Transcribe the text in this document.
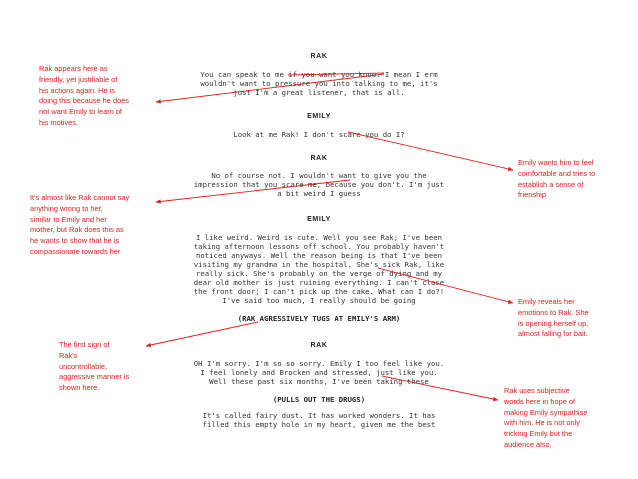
RAK
You can speak to me if you want you know. I mean I erm
wouldn't want to pressure you into talking to me, it's
just I'm a great listener, that is all.
EMILY
Look at me Rak! I don't scare you do I?
RAK
No of course not. I wouldn't want to give you the
impression that you scare me, because you don't. I'm just
a bit weird I guess
EMILY
I like weird. Weird is cute. Well you see Rak; I've been
taking afternoon lessons off school. You probably haven't
noticed anyways. Well the reason being is that I've been
visiting my grandma in the hospital. She's sick Rak, like
really sick. She's probably on the verge of dying and my
dear old mother is just ruining everything. I can't close
the front door; I can't pick up the cake. What can I do?!
I've said too much, I really should be going
(RAK AGRESSIVELY TUGS AT EMILY'S ARM)
RAK
OH I'm sorry. I'm so so sorry. Emily I too feel like you.
I feel lonely and Brocken and stressed, just like you.
Well these past six months, I've been taking these
(PULLS OUT THE DRUGS)
It's called fairy dust. It has worked wonders. It has
filled this empty hole in my heart, given me the best
Rak appears here as
friendly, yet justifiable of
his actions again. He is
doing this because he does
not want Emily to learn of
his motives.
Emily wants him to feel
comfortable and tries to
establish a sense of
frienship
It's almost like Rak cannot say
anything wrong to her,
similar to Emily and her
mother, but Rak does this as
he wants to show that he is
compassionate towards her
Emily reveals her
emotions to Rak. She
is opening herself up,
almost falling for bait.
The first sign of
Rak's
uncontrollable,
aggressive manner is
shown here.	Rak uses subjective
words here in hope of
making Emily sympathise
with him. He is not only
tricking Emily but the
audience also.
